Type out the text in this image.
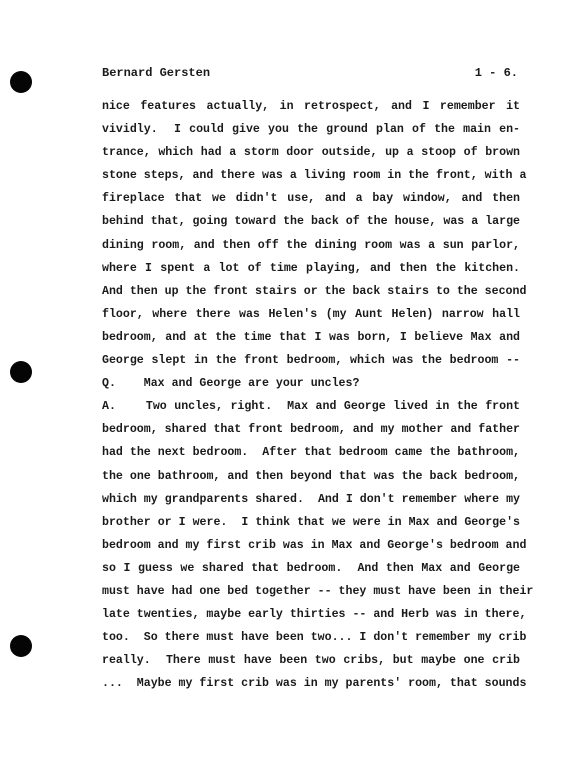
Bernard Gersten	1 - 6.
nice features actually, in retrospect, and I remember it
vividly.  I could give you the ground plan of the main en-
trance, which had a storm door outside, up a stoop of brown
stone steps, and there was a living room in the front, with a
fireplace that we didn't use, and a bay window, and then
behind that, going toward the back of the house, was a large
dining room, and then off the dining room was a sun parlor,
where I spent a lot of time playing, and then the kitchen.
And then up the front stairs or the back stairs to the second
floor, where there was Helen's (my Aunt Helen) narrow hall
bedroom, and at the time that I was born, I believe Max and
George slept in the front bedroom, which was the bedroom --
Q.    Max and George are your uncles?
A.    Two uncles, right.  Max and George lived in the front
bedroom, shared that front bedroom, and my mother and father
had the next bedroom.  After that bedroom came the bathroom,
the one bathroom, and then beyond that was the back bedroom,
which my grandparents shared.  And I don't remember where my
brother or I were.  I think that we were in Max and George's
bedroom and my first crib was in Max and George's bedroom and
so I guess we shared that bedroom.  And then Max and George
must have had one bed together -- they must have been in their
late twenties, maybe early thirties -- and Herb was in there,
too.  So there must have been two... I don't remember my crib
really.  There must have been two cribs, but maybe one crib
...  Maybe my first crib was in my parents' room, that sounds
